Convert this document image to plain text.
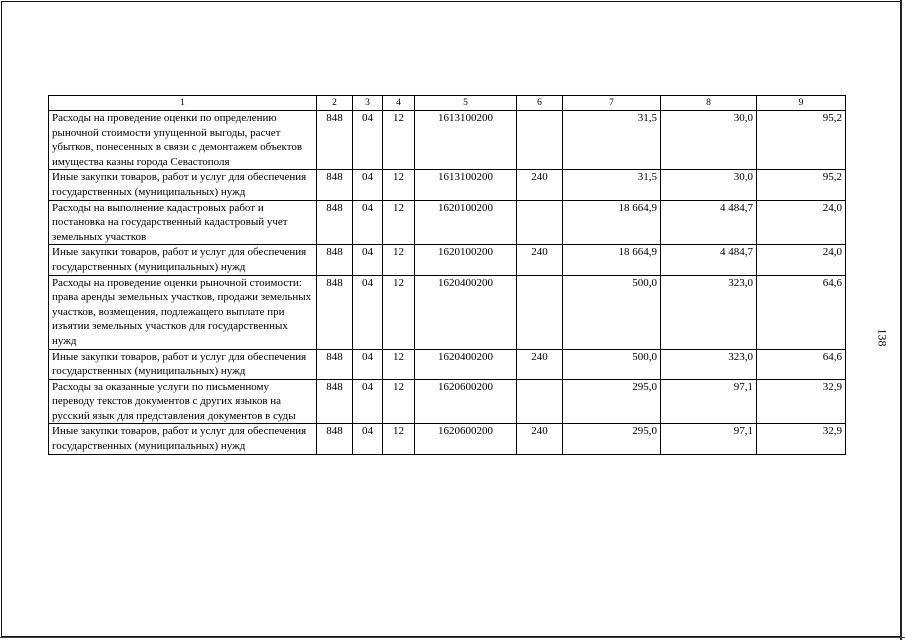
1	2	3	4	5	6	7	8	9
Расходы на проведение оценки по определению рыночной стоимости упущенной выгоды, расчет убытков, понесенных в связи с демонтажем объектов имущества казны города Севастополя	848	04	12	1613100200		31,5	30,0	95,2
Иные закупки товаров, работ и услуг для обеспечения государственных (муниципальных) нужд	848	04	12	1613100200	240	31,5	30,0	95,2
Расходы на выполнение кадастровых работ и постановка на государственный кадастровый учет земельных участков	848	04	12	1620100200		18 664,9	4 484,7	24,0
Иные закупки товаров, работ и услуг для обеспечения государственных (муниципальных) нужд	848	04	12	1620100200	240	18 664,9	4 484,7	24,0
Расходы на проведение оценки рыночной стоимости: права аренды земельных участков, продажи земельных участков, возмещения, подлежащего выплате при изъятии земельных участков для государственных нужд	848	04	12	1620400200		500,0	323,0	64,6
Иные закупки товаров, работ и услуг для обеспечения государственных (муниципальных) нужд	848	04	12	1620400200	240	500,0	323,0	64,6
Расходы за оказанные услуги по письменному переводу текстов документов с других языков на русский язык для представления документов в суды	848	04	12	1620600200		295,0	97,1	32,9
Иные закупки товаров, работ и услуг для обеспечения государственных (муниципальных) нужд	848	04	12	1620600200	240	295,0	97,1	32,9
138
